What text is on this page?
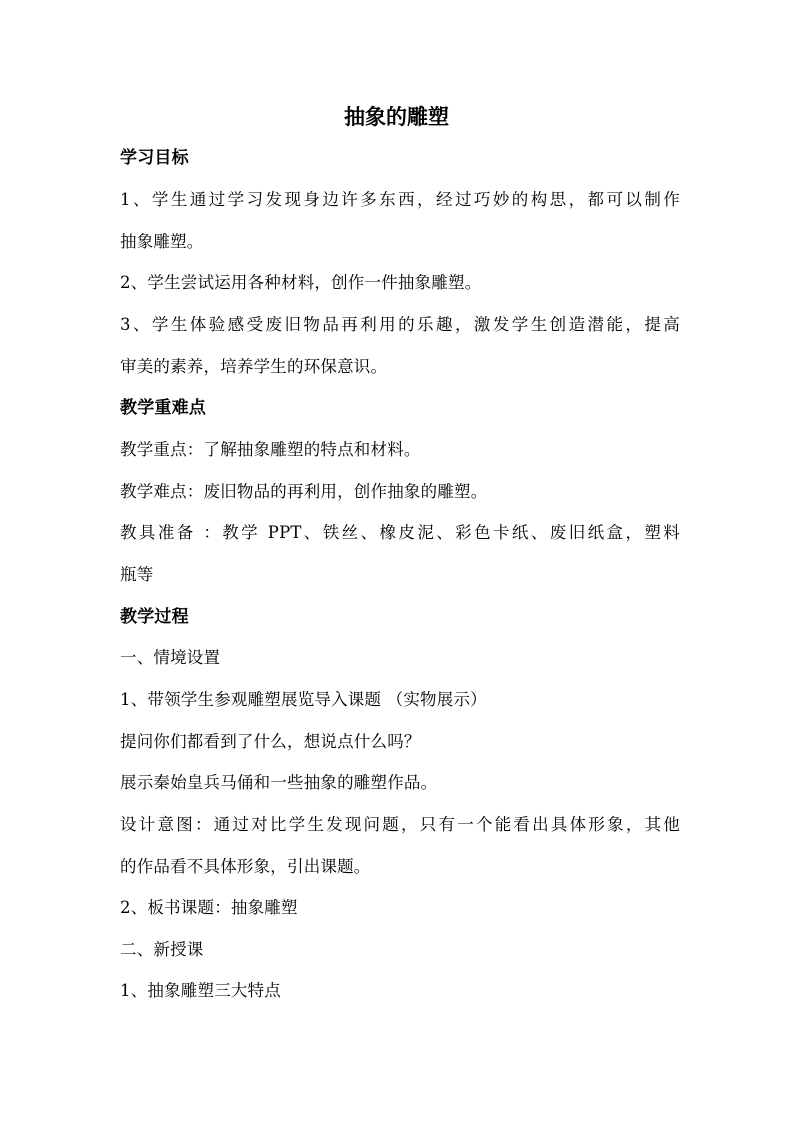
抽象的雕塑
学习目标
1、学生通过学习发现身边许多东西，经过巧妙的构思，都可以制作
抽象雕塑。
2、学生尝试运用各种材料，创作一件抽象雕塑。
3、学生体验感受废旧物品再利用的乐趣，激发学生创造潜能，提高
审美的素养，培养学生的环保意识。
教学重难点
教学重点：了解抽象雕塑的特点和材料。
教学难点：废旧物品的再利用，创作抽象的雕塑。
教具准备 ：教学 PPT、铁丝、橡皮泥、彩色卡纸、废旧纸盒，塑料
瓶等
教学过程
一、情境设置
1、带领学生参观雕塑展览导入课题 （实物展示）
提问你们都看到了什么，想说点什么吗？
展示秦始皇兵马俑和一些抽象的雕塑作品。
设计意图：通过对比学生发现问题，只有一个能看出具体形象，其他
的作品看不具体形象，引出课题。
2、板书课题：抽象雕塑
二、新授课
1、抽象雕塑三大特点
